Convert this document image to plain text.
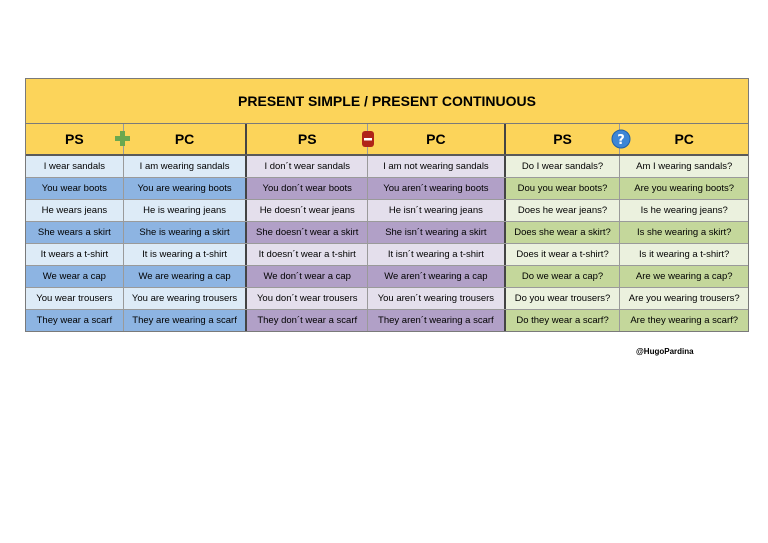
PRESENT SIMPLE / PRESENT CONTINUOUS
PS	PC	PS	PC	PS	PC
?
I wear sandals	I am wearing sandals	I don´t wear sandals	I am not wearing sandals	Do I wear sandals?	Am I wearing sandals?
You wear boots	You are wearing boots	You don´t wear boots	You aren´t wearing boots	Dou you wear boots?	Are you wearing boots?
He wears jeans	He is wearing jeans	He doesn´t wear jeans	He isn´t wearing jeans	Does he wear jeans?	Is he wearing jeans?
She wears a skirt	She is wearing a skirt	She doesn´t wear a skirt	She isn´t wearing a skirt	Does she wear a skirt?	Is she wearing a skirt?
It wears a t-shirt	It is wearing a t-shirt	It doesn´t wear a t-shirt	It isn´t wearing a t-shirt	Does it wear a t-shirt?	Is it wearing a t-shirt?
We wear a cap	We are wearing a cap	We don´t wear a cap	We aren´t wearing a cap	Do we wear a cap?	Are we wearing a cap?
You wear trousers	You are wearing trousers	You don´t wear trousers	You aren´t wearing trousers	Do you wear trousers?	Are you wearing trousers?
They wear a scarf	They are wearing a scarf	They don´t wear a scarf	They aren´t wearing a scarf	Do they wear a scarf?	Are they wearing a scarf?
@HugoPardina
